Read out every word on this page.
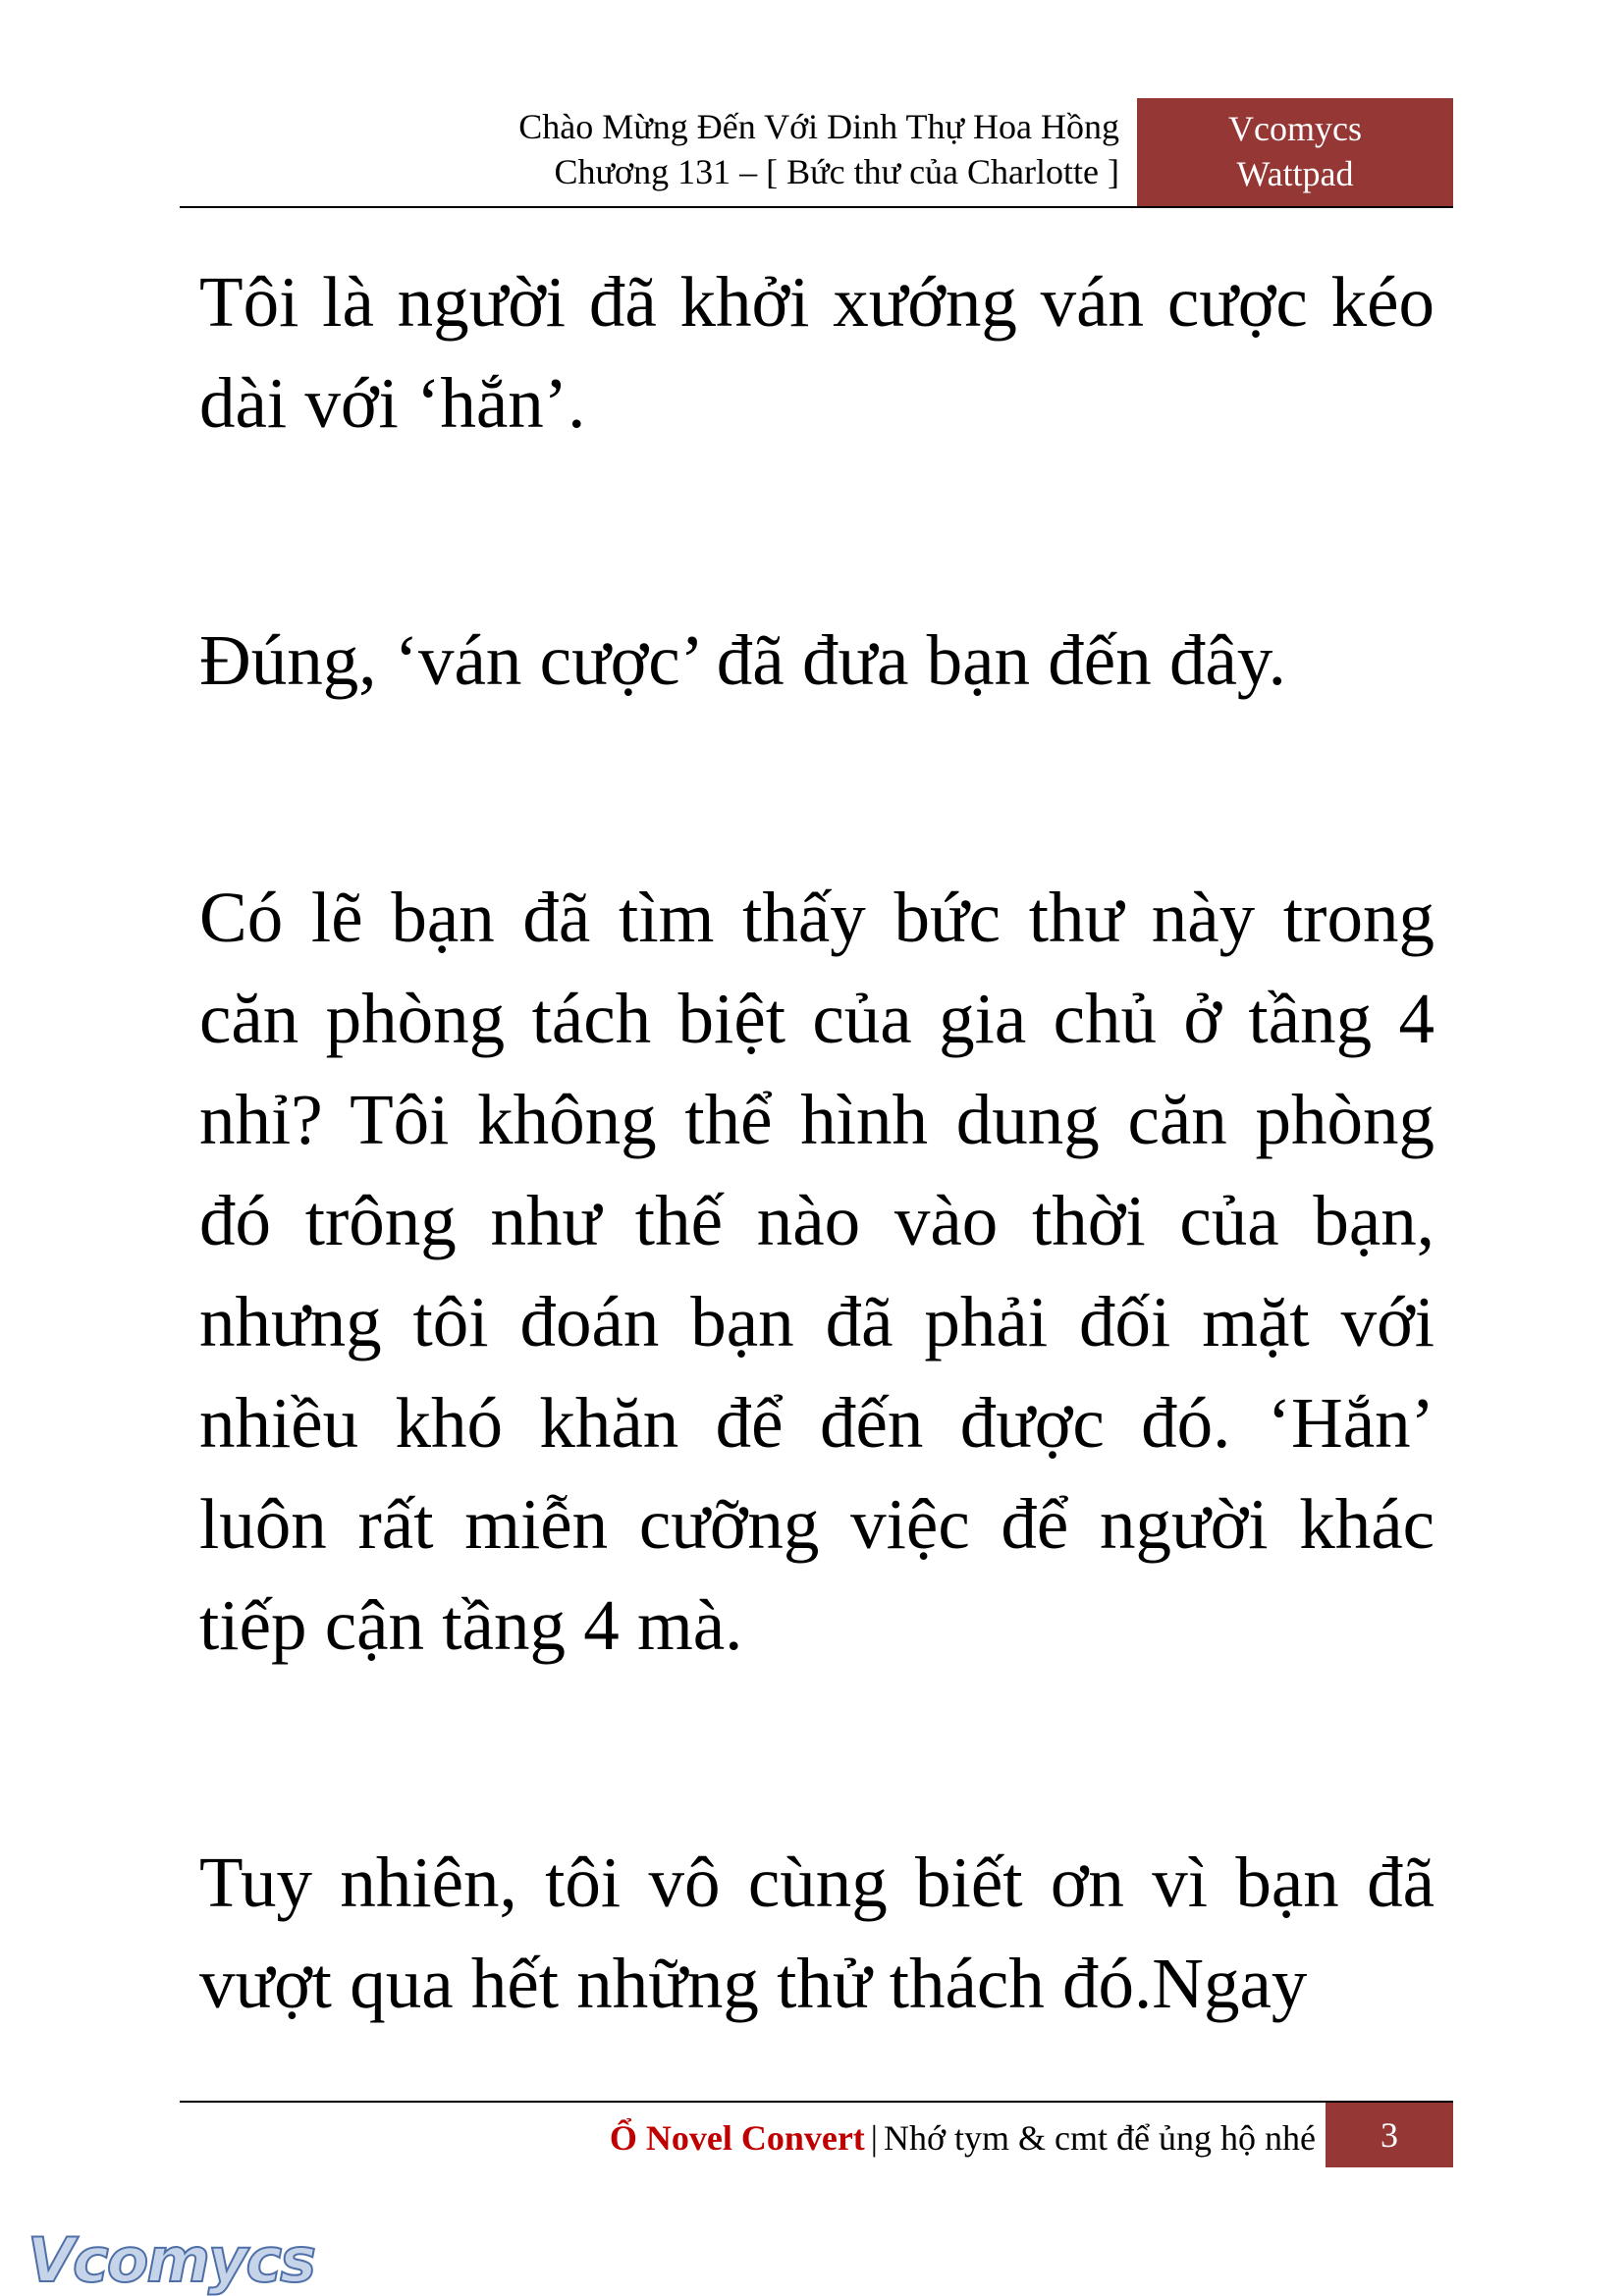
Chào Mừng Đến Với Dinh Thự Hoa Hồng
Chương 131 – [ Bức thư của Charlotte ]
Vcomycs
Wattpad

Tôi là người đã khởi xướng ván cược kéo dài với ‘hắn’.

Đúng, ‘ván cược’ đã đưa bạn đến đây.

Có lẽ bạn đã tìm thấy bức thư này trong căn phòng tách biệt của gia chủ ở tầng 4 nhỉ? Tôi không thể hình dung căn phòng đó trông như thế nào vào thời của bạn, nhưng tôi đoán bạn đã phải đối mặt với nhiều khó khăn để đến được đó. ‘Hắn’ luôn rất miễn cưỡng việc để người khác tiếp cận tầng 4 mà.

Tuy nhiên, tôi vô cùng biết ơn vì bạn đã vượt qua hết những thử thách đó.Ngay

Ổ Novel Convert | Nhớ tym & cmt để ủng hộ nhé	3
Vcomycs
